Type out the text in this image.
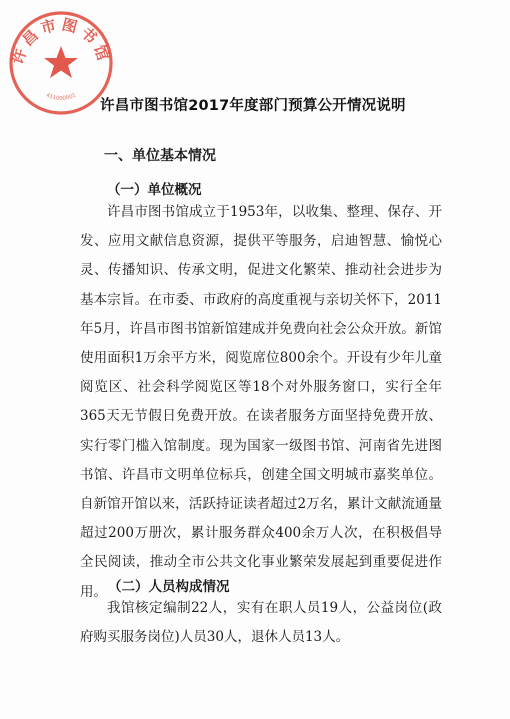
许昌市图书馆
411000001
许昌市图书馆2017年度部门预算公开情况说明
一、单位基本情况
（一）单位概况

许昌市图书馆成立于1953年，以收集、整理、保存、开发、应用文献信息资源，提供平等服务，启迪智慧、愉悦心灵、传播知识、传承文明，促进文化繁荣、推动社会进步为基本宗旨。在市委、市政府的高度重视与亲切关怀下，2011年5月，许昌市图书馆新馆建成并免费向社会公众开放。新馆使用面积1万余平方米，阅览席位800余个。开设有少年儿童阅览区、社会科学阅览区等18个对外服务窗口，实行全年365天无节假日免费开放。在读者服务方面坚持免费开放、实行零门槛入馆制度。现为国家一级图书馆、河南省先进图书馆、许昌市文明单位标兵，创建全国文明城市嘉奖单位。自新馆开馆以来，活跃持证读者超过2万名，累计文献流通量超过200万册次，累计服务群众400余万人次，在积极倡导全民阅读，推动全市公共文化事业繁荣发展起到重要促进作用。 （二）人员构成情况

我馆核定编制22人，实有在职人员19人，公益岗位(政府购买服务岗位)人员30人，退休人员13人。
